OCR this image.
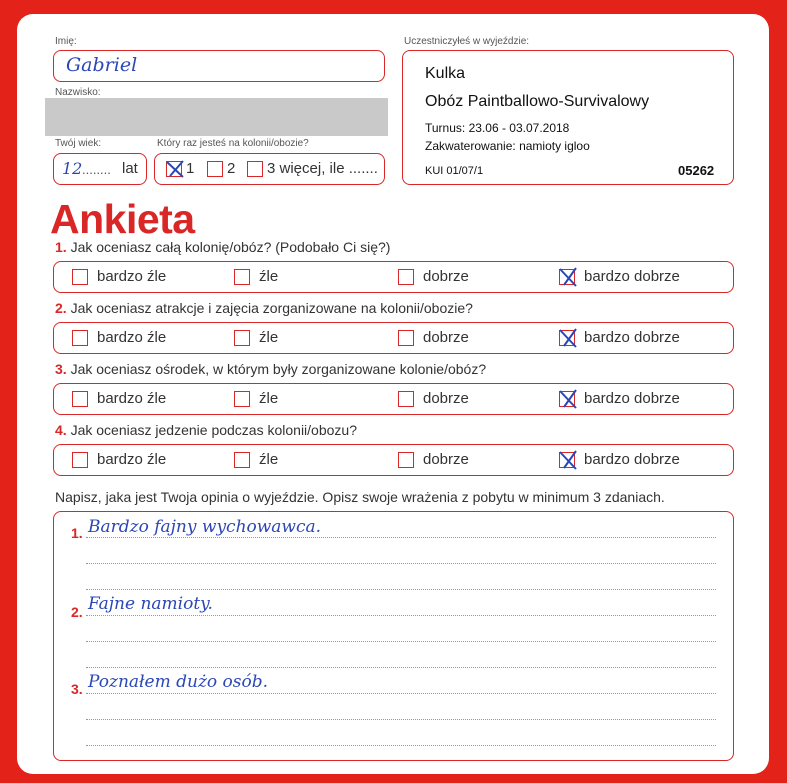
Imię:
Gabriel
Nazwisko:
Twój wiek:
12 ........ lat
Który raz jesteś na kolonii/obozie?
1 2 3 więcej, ile .......
Uczestniczyłeś w wyjeździe:
Kulka
Obóz Paintballowo-Survivalowy
Turnus: 23.06 - 03.07.2018
Zakwaterowanie: namioty igloo
KUI 01/07/1	05262
Ankieta
1. Jak oceniasz całą kolonię/obóz? (Podobało Ci się?)
bardzo źle	źle	dobrze	bardzo dobrze
2. Jak oceniasz atrakcje i zajęcia zorganizowane na kolonii/obozie?
bardzo źle	źle	dobrze	bardzo dobrze
3. Jak oceniasz ośrodek, w którym były zorganizowane kolonie/obóz?
bardzo źle	źle	dobrze	bardzo dobrze
4. Jak oceniasz jedzenie podczas kolonii/obozu?
bardzo źle	źle	dobrze	bardzo dobrze
Napisz, jaka jest Twoja opinia o wyjeździe. Opisz swoje wrażenia z pobytu w minimum 3 zdaniach.
1. Bardzo fajny wychowawca.
2. Fajne namioty.
3. Poznałem dużo osób.
